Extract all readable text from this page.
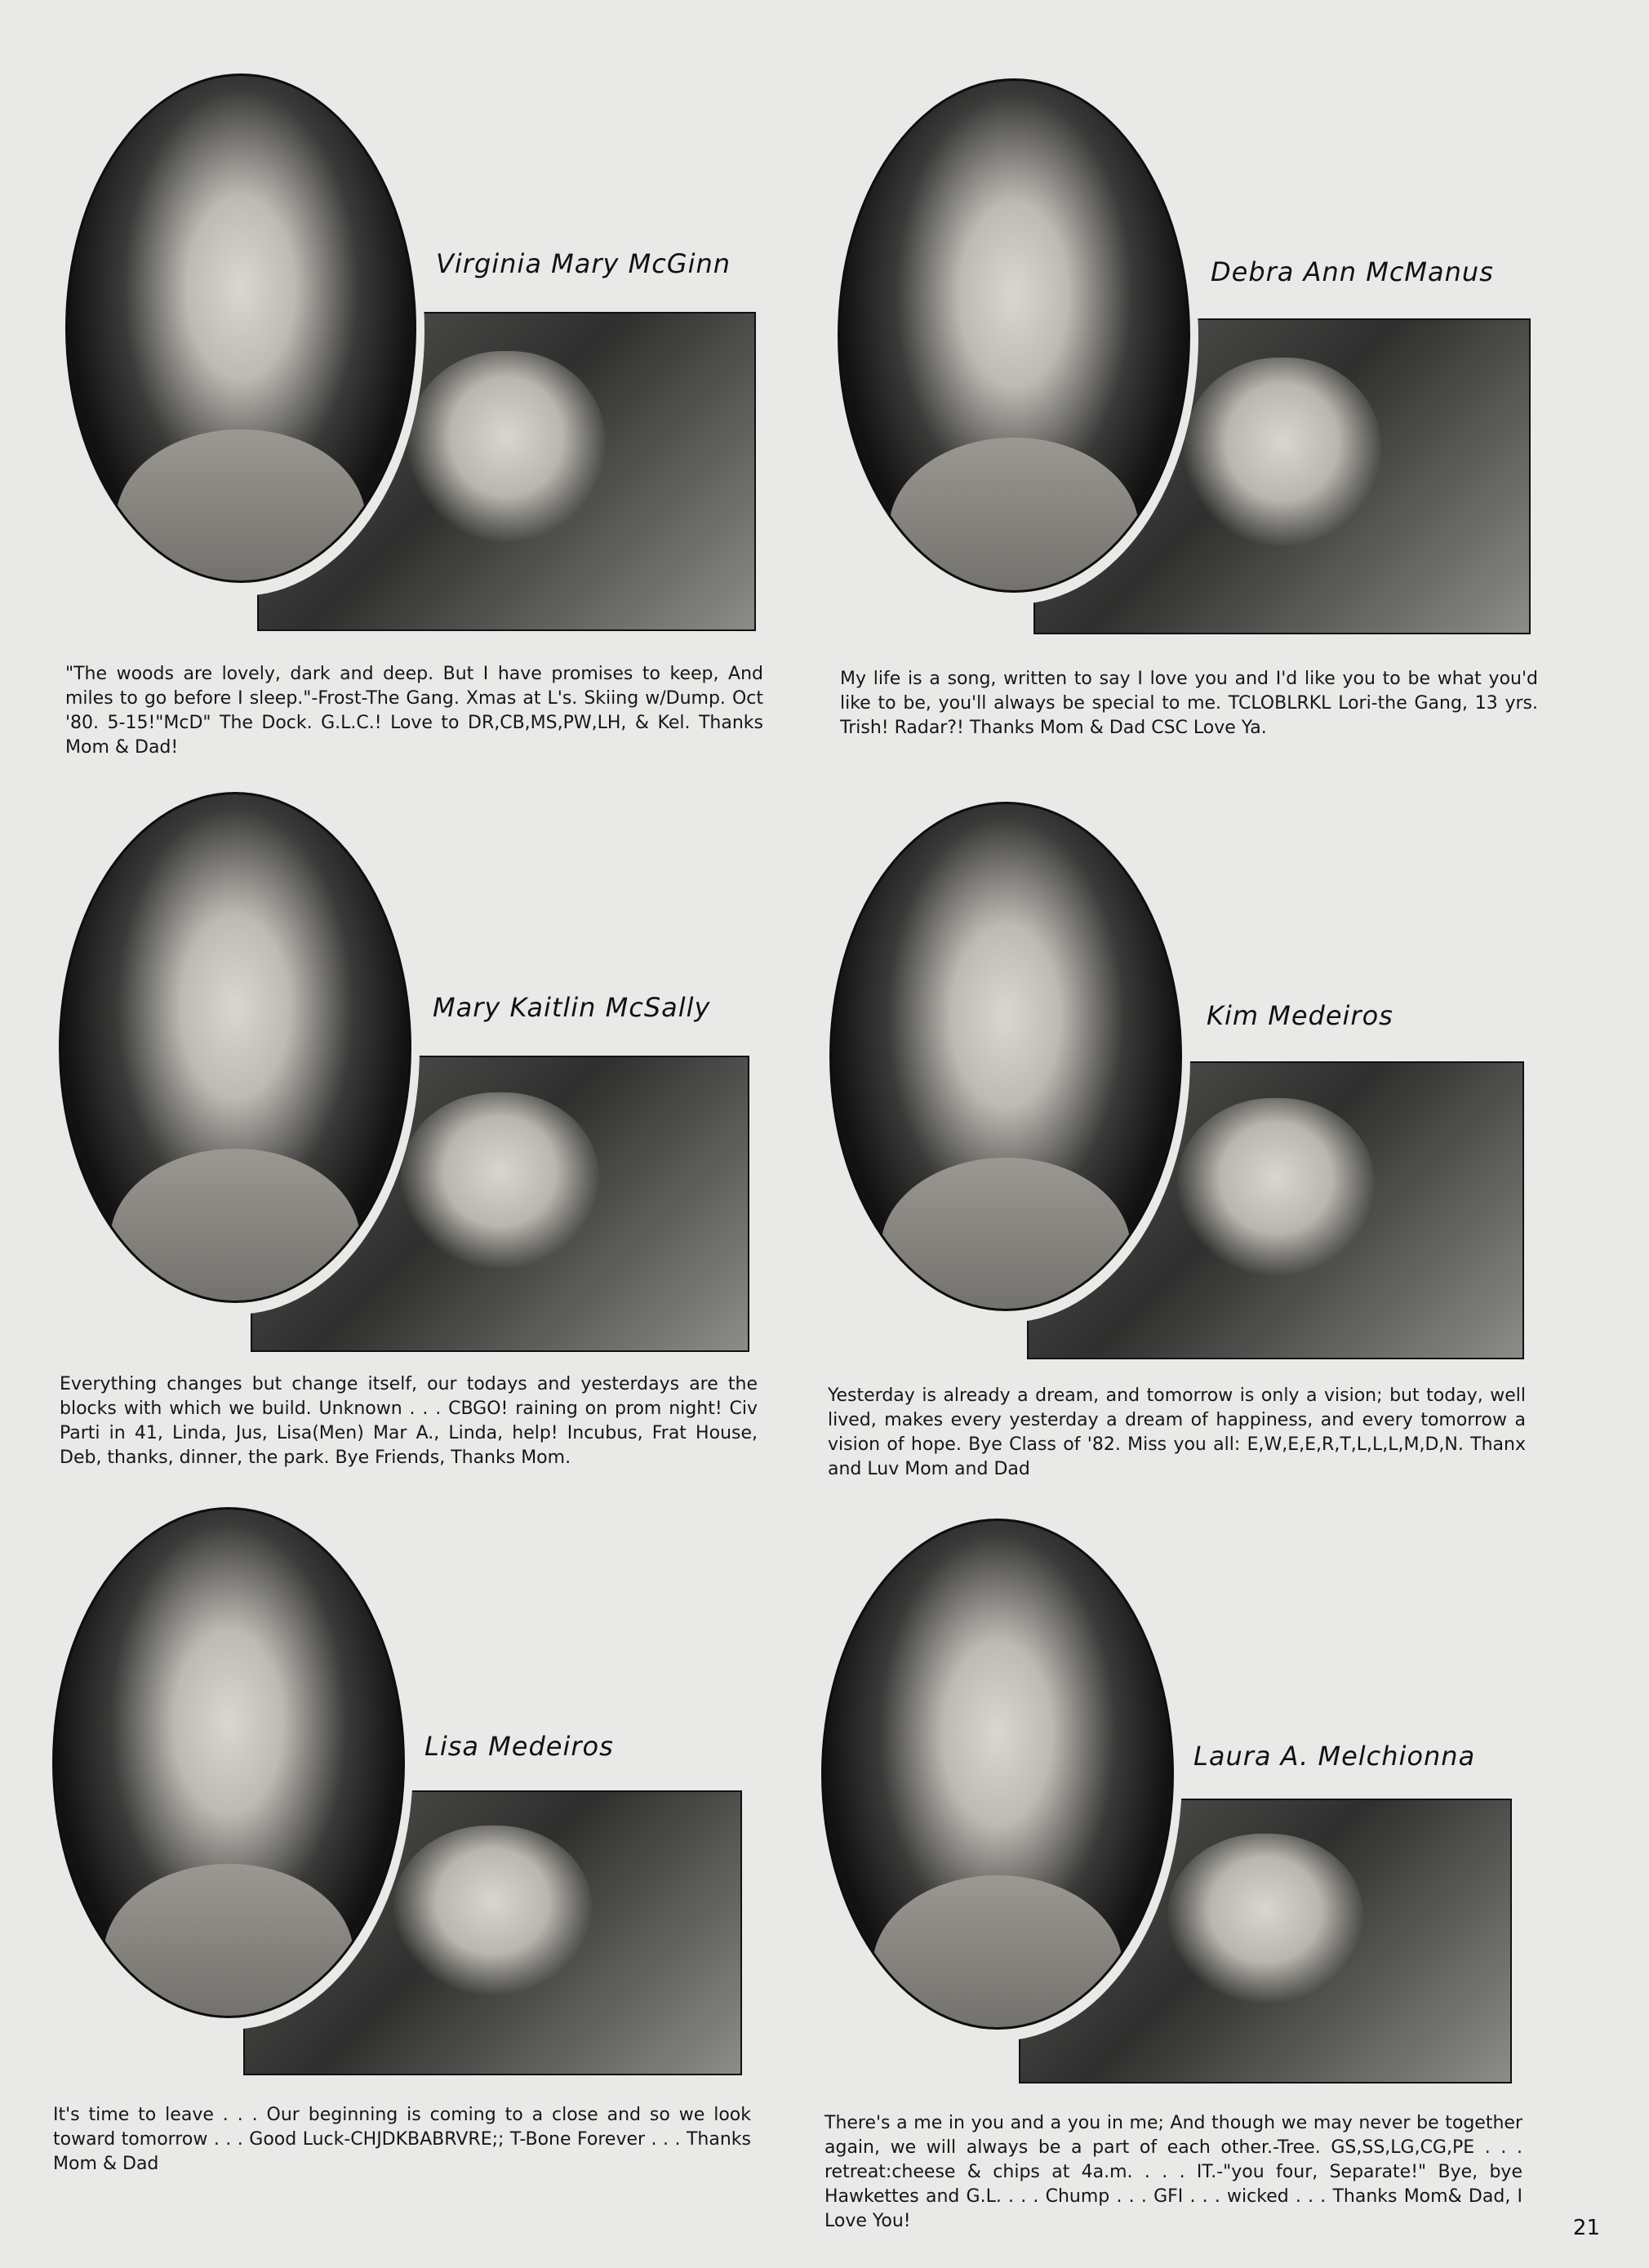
Virginia Mary McGinn
"The woods are lovely, dark and deep. But I have promises to keep, And miles to go before I sleep."-Frost-The Gang. Xmas at L's. Skiing w/Dump. Oct '80. 5-15!"McD" The Dock. G.L.C.! Love to DR,CB,MS,PW,LH, & Kel. Thanks Mom & Dad!
Debra Ann McManus
My life is a song, written to say I love you and I'd like you to be what you'd like to be, you'll always be special to me. TCLOBLRKL Lori-the Gang, 13 yrs. Trish! Radar?! Thanks Mom & Dad CSC Love Ya.
Mary Kaitlin McSally
Everything changes but change itself, our todays and yesterdays are the blocks with which we build. Unknown . . . CBGO! raining on prom night! Civ Parti in 41, Linda, Jus, Lisa(Men) Mar A., Linda, help! Incubus, Frat House, Deb, thanks, dinner, the park. Bye Friends, Thanks Mom.
Kim Medeiros
Yesterday is already a dream, and tomorrow is only a vision; but today, well lived, makes every yesterday a dream of happiness, and every tomorrow a vision of hope. Bye Class of '82. Miss you all: E,W,E,E,R,T,L,L,L,M,D,N. Thanx and Luv Mom and Dad
Lisa Medeiros
It's time to leave . . . Our beginning is coming to a close and so we look toward tomorrow . . . Good Luck-CHJDKBABRVRE;; T-Bone Forever . . . Thanks Mom & Dad
Laura A. Melchionna
There's a me in you and a you in me; And though we may never be together again, we will always be a part of each other.-Tree. GS,SS,LG,CG,PE . . . retreat:cheese & chips at 4a.m. . . . IT.-"you four, Separate!" Bye, bye Hawkettes and G.L. . . . Chump . . . GFI . . . wicked . . . Thanks Mom& Dad, I Love You!	21
